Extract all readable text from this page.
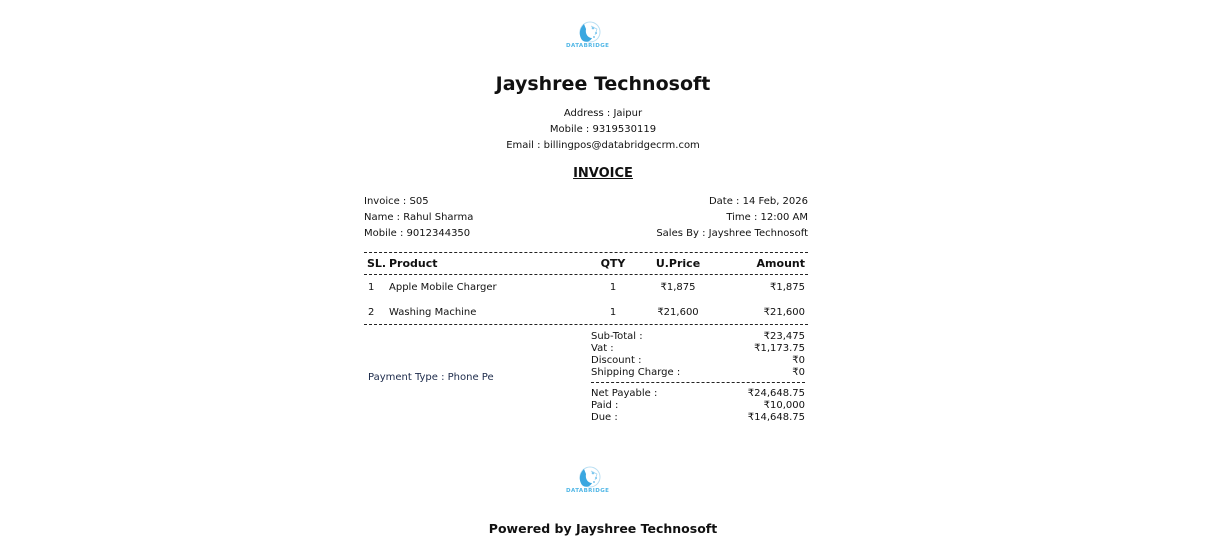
DATABRIDGE
Jayshree Technosoft
Address : Jaipur
Mobile : 9319530119
Email : billingpos@databridgecrm.com
INVOICE
Invoice : S05
Name : Rahul Sharma
Mobile : 9012344350
Date : 14 Feb, 2026
Time : 12:00 AM
Sales By : Jayshree Technosoft
SL. Product	QTY	U.Price	Amount
1 Apple Mobile Charger	1	₹1,875	₹1,875
2 Washing Machine	1	₹21,600	₹21,600
Payment Type : Phone Pe
Sub-Total :	₹23,475
Vat :	₹1,173.75
Discount :	₹0
Shipping Charge :	₹0
Net Payable :	₹24,648.75
Paid :	₹10,000
Due :	₹14,648.75
DATABRIDGE
Powered by Jayshree Technosoft
